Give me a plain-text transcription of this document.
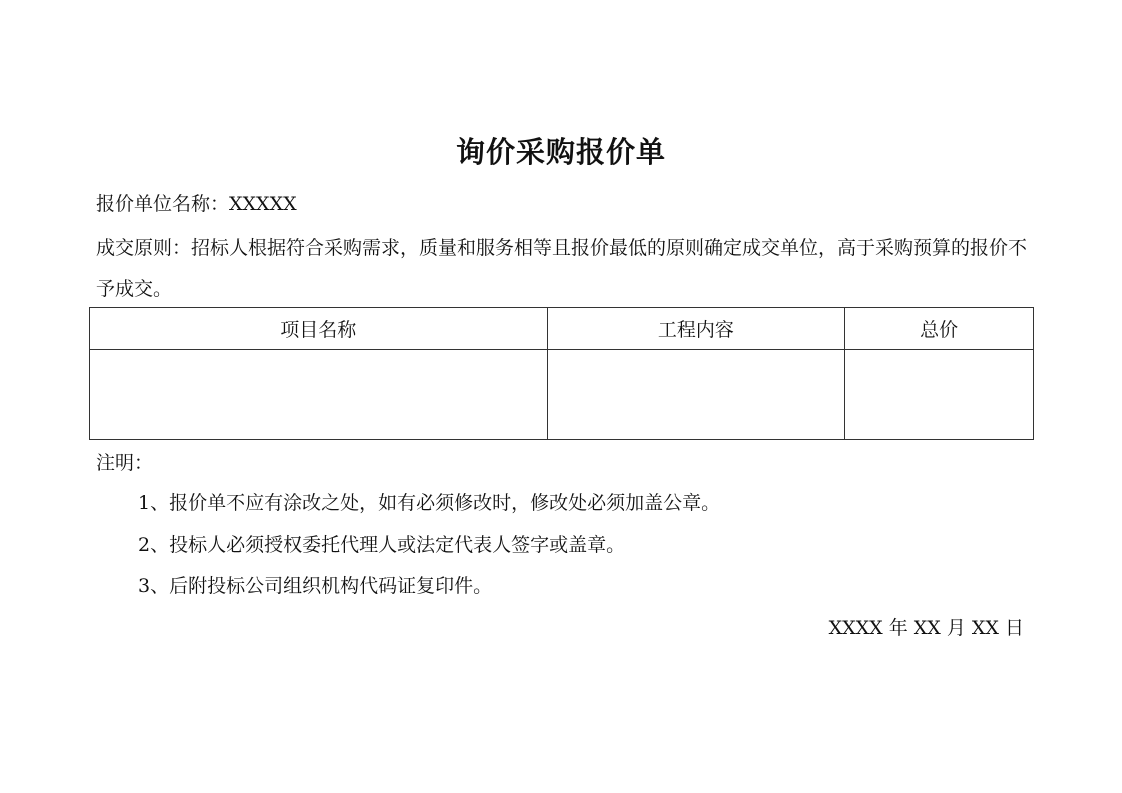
询价采购报价单
报价单位名称：XXXXX
成交原则：招标人根据符合采购需求，质量和服务相等且报价最低的原则确定成交单位，高于采购预算的报价不予成交。
项目名称	工程内容	总价

注明：
1、报价单不应有涂改之处，如有必须修改时，修改处必须加盖公章。
2、投标人必须授权委托代理人或法定代表人签字或盖章。
3、后附投标公司组织机构代码证复印件。
XXXX 年 XX 月 XX 日
